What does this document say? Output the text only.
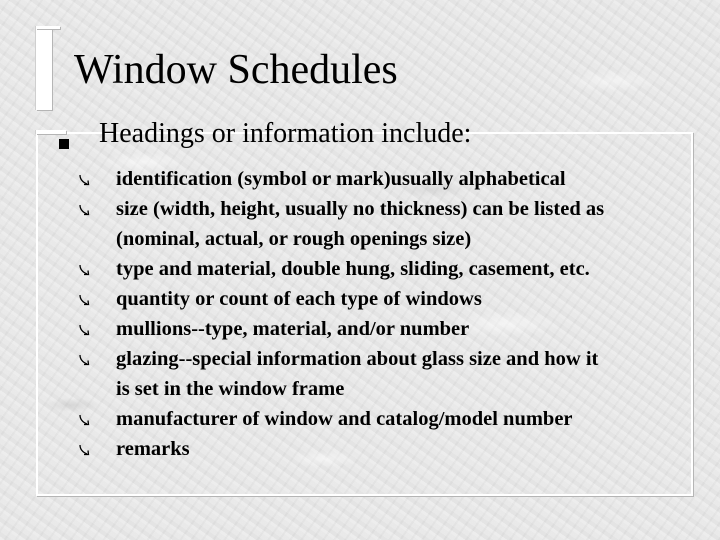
Window Schedules
Headings or information include:
identification (symbol or mark)usually alphabetical
size (width, height, usually no thickness) can be listed as
(nominal, actual, or rough openings size)
type and material, double hung, sliding, casement, etc.
quantity or count of each type of windows
mullions--type, material, and/or number
glazing--special information about glass size and how it
is set in the window frame
manufacturer of window and catalog/model number
remarks
